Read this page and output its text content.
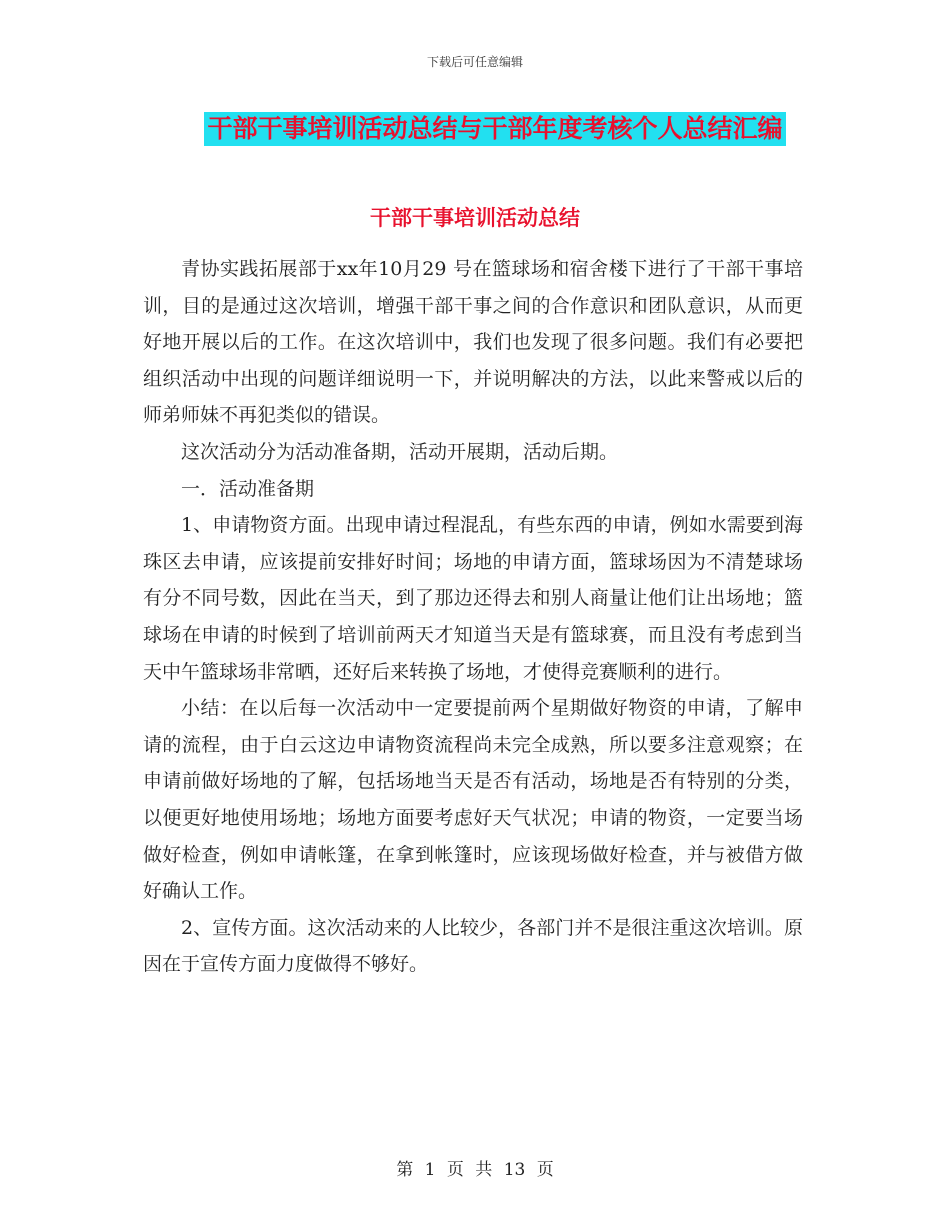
下载后可任意编辑
干部干事培训活动总结与干部年度考核个人总结汇编
干部干事培训活动总结

青协实践拓展部于xx年10月29 号在篮球场和宿舍楼下进行了干部干事培训，目的是通过这次培训，增强干部干事之间的合作意识和团队意识，从而更好地开展以后的工作。在这次培训中，我们也发现了很多问题。我们有必要把组织活动中出现的问题详细说明一下，并说明解决的方法，以此来警戒以后的师弟师妹不再犯类似的错误。

这次活动分为活动准备期，活动开展期，活动后期。

一．活动准备期

1、申请物资方面。出现申请过程混乱，有些东西的申请，例如水需要到海珠区去申请，应该提前安排好时间；场地的申请方面，篮球场因为不清楚球场有分不同号数，因此在当天，到了那边还得去和别人商量让他们让出场地；篮球场在申请的时候到了培训前两天才知道当天是有篮球赛，而且没有考虑到当天中午篮球场非常晒，还好后来转换了场地，才使得竞赛顺利的进行。

小结：在以后每一次活动中一定要提前两个星期做好物资的申请，了解申请的流程，由于白云这边申请物资流程尚未完全成熟，所以要多注意观察；在申请前做好场地的了解，包括场地当天是否有活动，场地是否有特别的分类，以便更好地使用场地；场地方面要考虑好天气状况；申请的物资，一定要当场做好检查，例如申请帐篷，在拿到帐篷时，应该现场做好检查，并与被借方做好确认工作。

2、宣传方面。这次活动来的人比较少，各部门并不是很注重这次培训。原因在于宣传方面力度做得不够好。

第 1 页 共 13 页
